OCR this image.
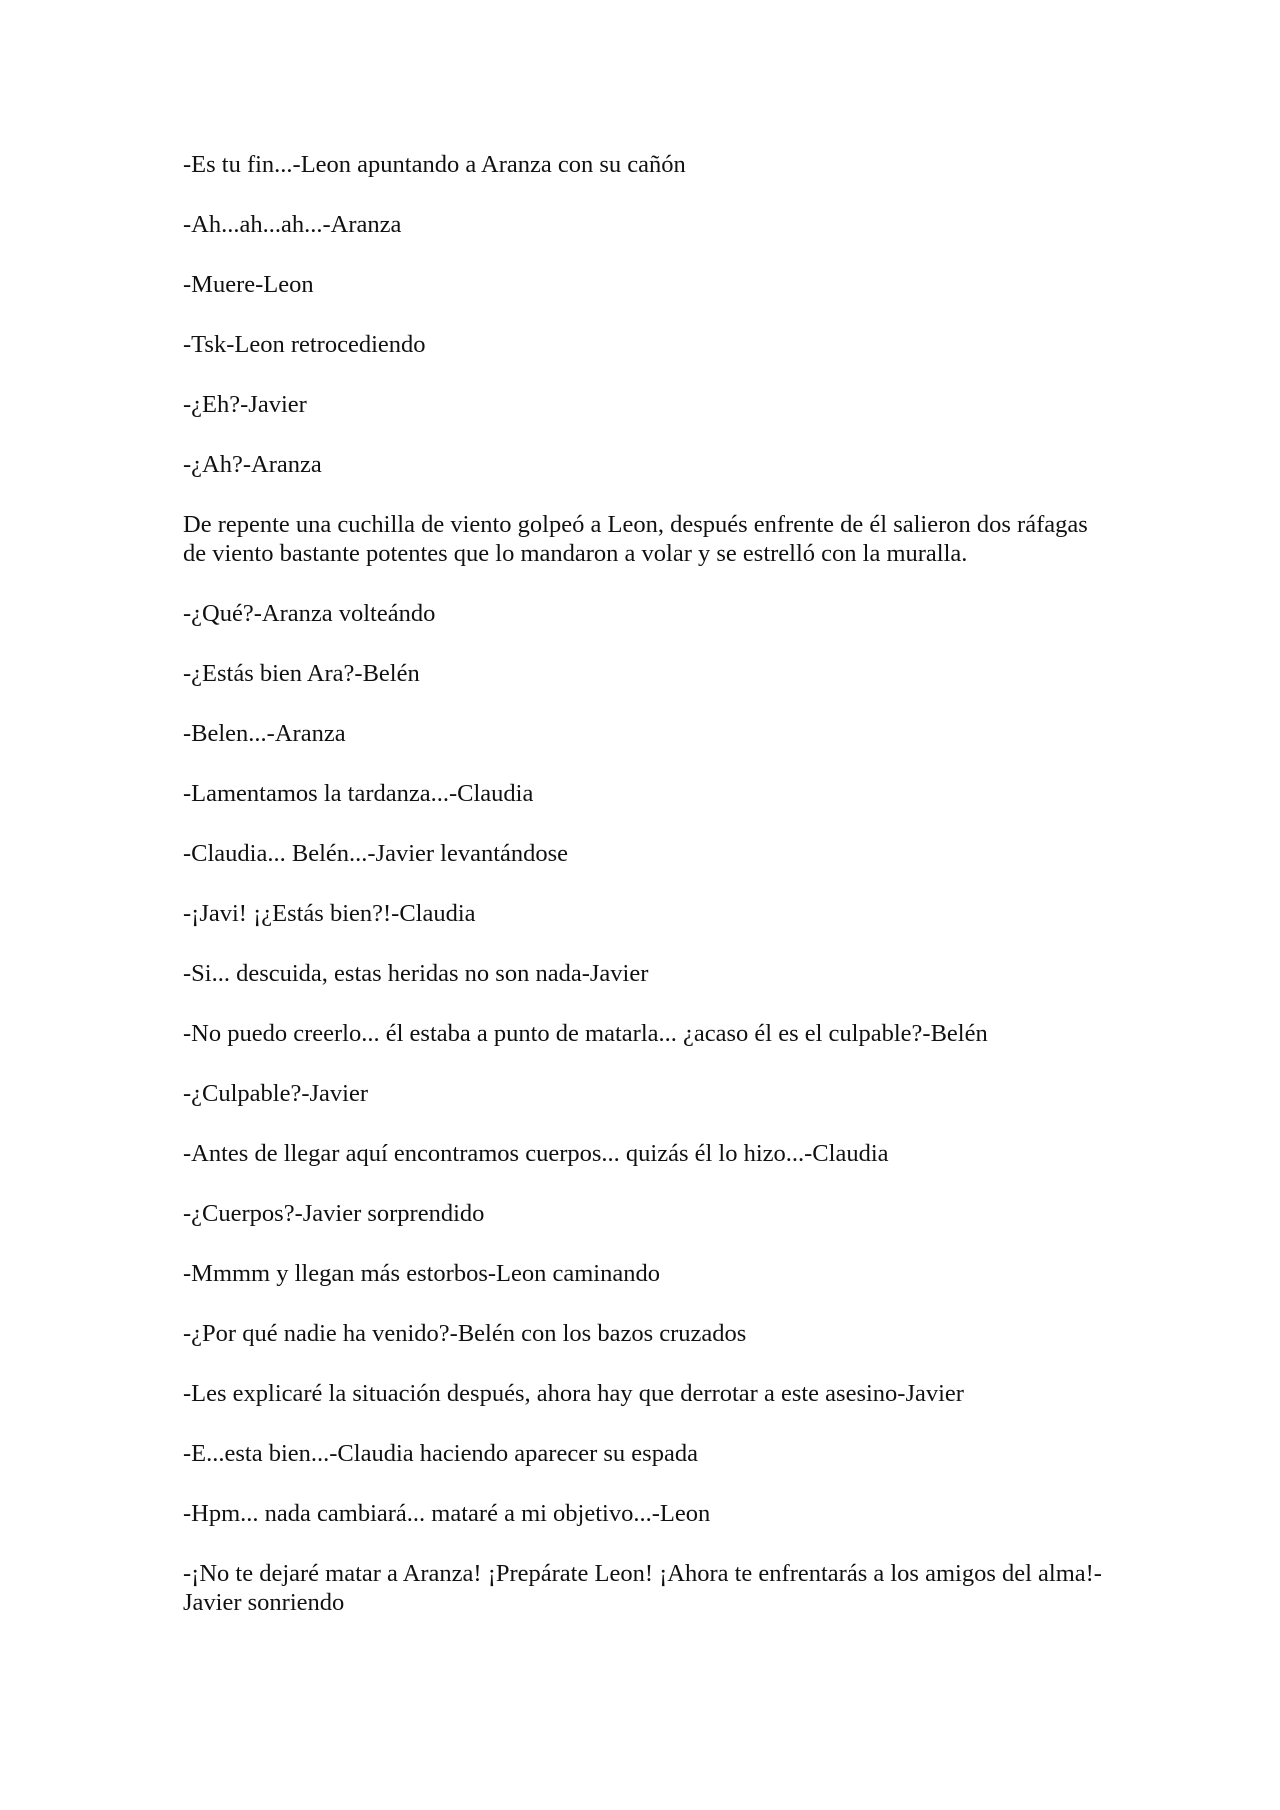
-Es tu fin...-Leon apuntando a Aranza con su cañón

-Ah...ah...ah...-Aranza

-Muere-Leon

-Tsk-Leon retrocediendo

-¿Eh?-Javier

-¿Ah?-Aranza

De repente una cuchilla de viento golpeó a Leon, después enfrente de él salieron dos ráfagas de viento bastante potentes que lo mandaron a volar y se estrelló con la muralla.

-¿Qué?-Aranza volteándo

-¿Estás bien Ara?-Belén

-Belen...-Aranza

-Lamentamos la tardanza...-Claudia

-Claudia... Belén...-Javier levantándose

-¡Javi! ¡¿Estás bien?!-Claudia

-Si... descuida, estas heridas no son nada-Javier

-No puedo creerlo... él estaba a punto de matarla... ¿acaso él es el culpable?-Belén

-¿Culpable?-Javier

-Antes de llegar aquí encontramos cuerpos... quizás él lo hizo...-Claudia

-¿Cuerpos?-Javier sorprendido

-Mmmm y llegan más estorbos-Leon caminando

-¿Por qué nadie ha venido?-Belén con los bazos cruzados

-Les explicaré la situación después, ahora hay que derrotar a este asesino-Javier

-E...esta bien...-Claudia haciendo aparecer su espada

-Hpm... nada cambiará... mataré a mi objetivo...-Leon

-¡No te dejaré matar a Aranza! ¡Prepárate Leon! ¡Ahora te enfrentarás a los amigos del alma!-Javier sonriendo
